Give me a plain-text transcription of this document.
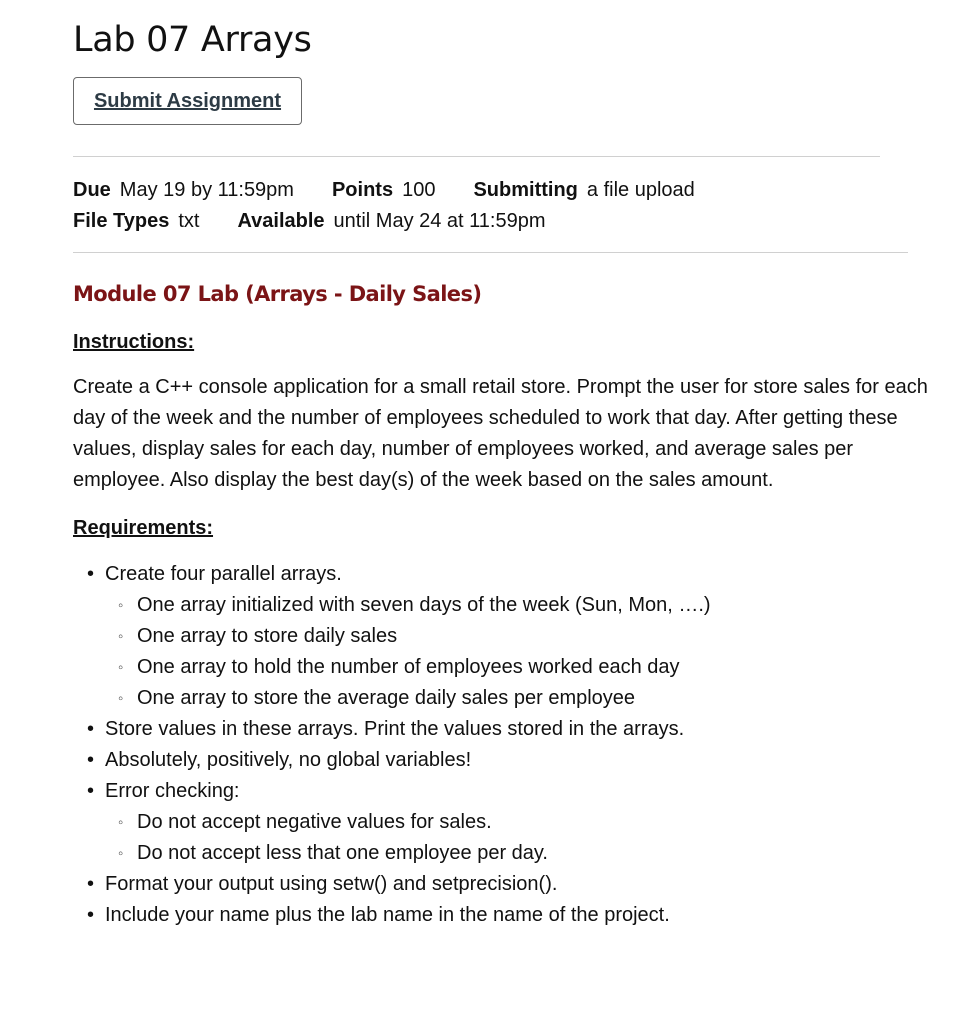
Lab 07 Arrays
Submit Assignment
Due May 19 by 11:59pm Points 100 Submitting a file upload
File Types txt Available until May 24 at 11:59pm
Module 07 Lab (Arrays - Daily Sales)
Instructions:
Create a C++ console application for a small retail store. Prompt the user for store sales for each day of the week and the number of employees scheduled to work that day. After getting these values, display sales for each day, number of employees worked, and average sales per employee. Also display the best day(s) of the week based on the sales amount.
Requirements:
• Create four parallel arrays.
◦ One array initialized with seven days of the week (Sun, Mon, ….)
◦ One array to store daily sales
◦ One array to hold the number of employees worked each day
◦ One array to store the average daily sales per employee
• Store values in these arrays. Print the values stored in the arrays.
• Absolutely, positively, no global variables!
• Error checking:
◦ Do not accept negative values for sales.
◦ Do not accept less that one employee per day.
• Format your output using setw() and setprecision().
• Include your name plus the lab name in the name of the project.
